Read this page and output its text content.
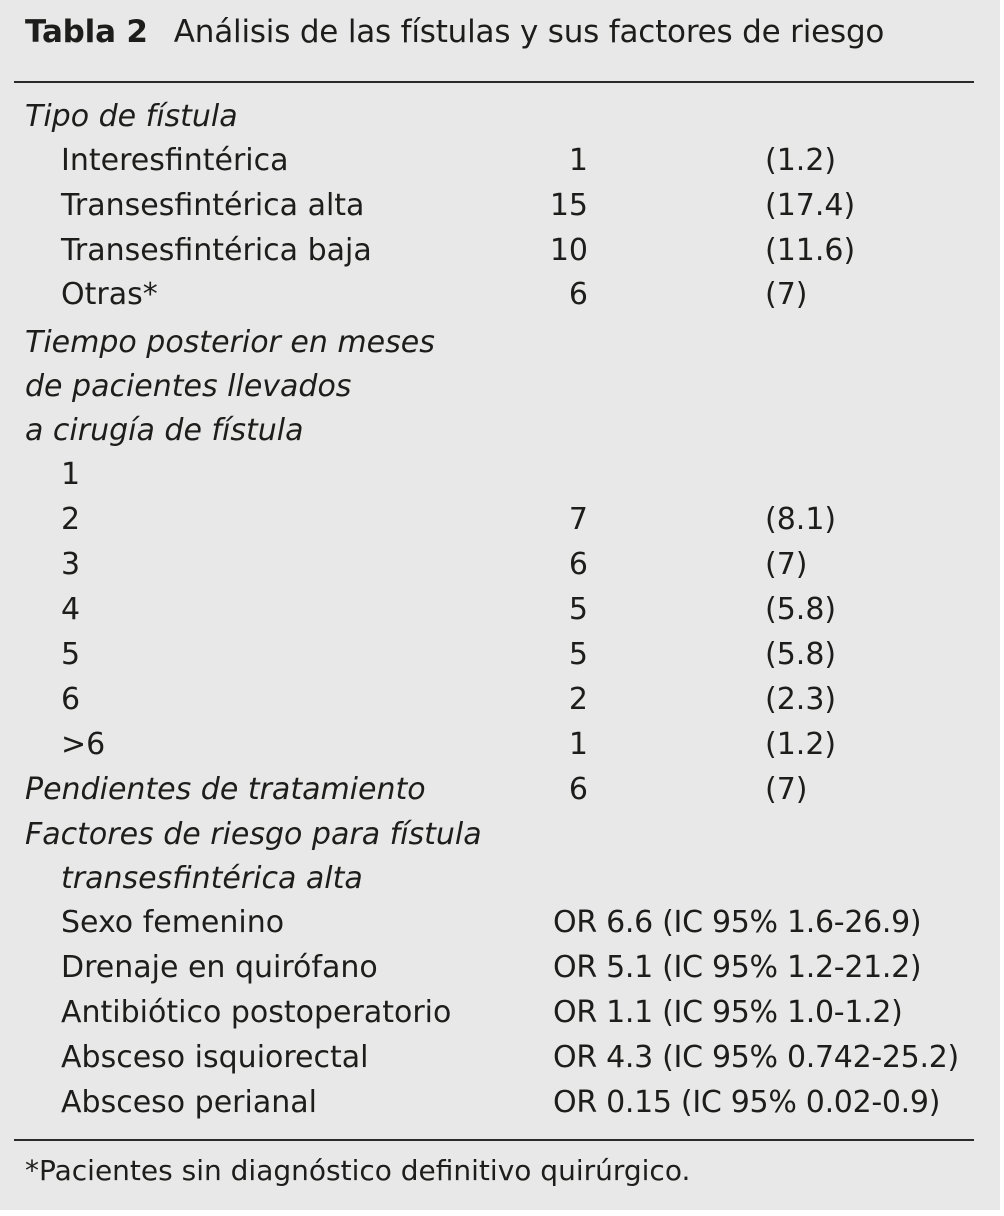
Tabla 2 Análisis de las fístulas y sus factores de riesgo
Tipo de fístula
Interesfintérica	1	(1.2)
Transesfintérica alta	15	(17.4)
Transesfintérica baja	10	(11.6)
Otras*	6	(7)
Tiempo posterior en meses
de pacientes llevados
a cirugía de fístula
1
2	7	(8.1)
3	6	(7)
4	5	(5.8)
5	5	(5.8)
6	2	(2.3)
>6	1	(1.2)
Pendientes de tratamiento	6	(7)
Factores de riesgo para fístula
transesfintérica alta
Sexo femenino	OR 6.6 (IC 95% 1.6-26.9)
Drenaje en quirófano	OR 5.1 (IC 95% 1.2-21.2)
Antibiótico postoperatorio	OR 1.1 (IC 95% 1.0-1.2)
Absceso isquiorectal	OR 4.3 (IC 95% 0.742-25.2)
Absceso perianal	OR 0.15 (IC 95% 0.02-0.9)
*Pacientes sin diagnóstico definitivo quirúrgico.
